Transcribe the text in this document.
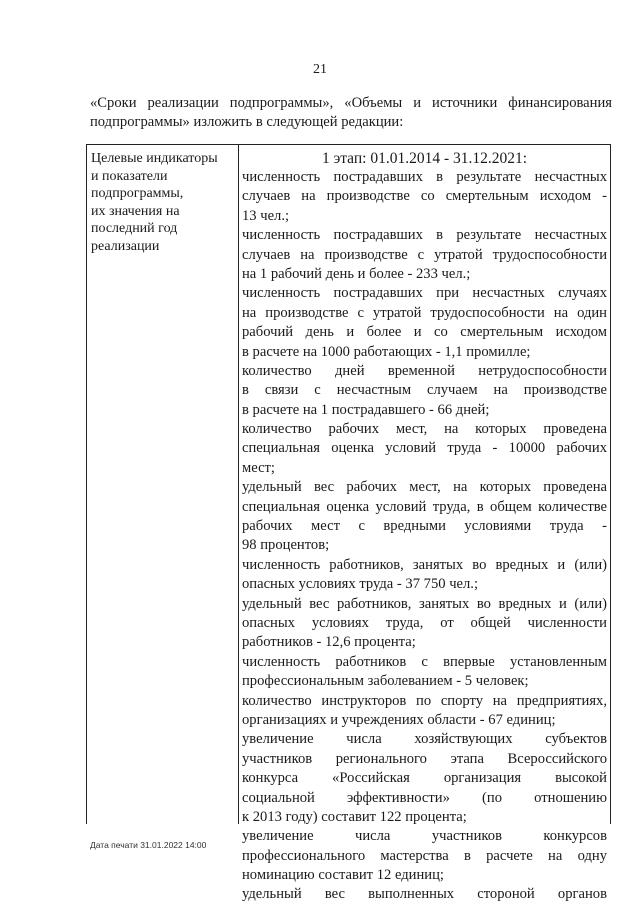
21
«Сроки реализации подпрограммы», «Объемы и источники финансирования подпрограммы» изложить в следующей редакции:
Целевые индикаторы
и показатели
подпрограммы,
их значения на
последний год
реализации
1 этап: 01.01.2014 - 31.12.2021:
численность пострадавших в результате несчастных
случаев на производстве со смертельным исходом -
13 чел.;
численность пострадавших в результате несчастных
случаев на производстве с утратой трудоспособности
на 1 рабочий день и более - 233 чел.;
численность пострадавших при несчастных случаях
на производстве с утратой трудоспособности на один
рабочий день и более и со смертельным исходом
в расчете на 1000 работающих - 1,1 промилле;
количество дней временной нетрудоспособности
в связи с несчастным случаем на производстве
в расчете на 1 пострадавшего - 66 дней;
количество рабочих мест, на которых проведена
специальная оценка условий труда - 10000 рабочих
мест;
удельный вес рабочих мест, на которых проведена
специальная оценка условий труда, в общем количестве
рабочих мест с вредными условиями труда -
98 процентов;
численность работников, занятых во вредных и (или)
опасных условиях труда - 37 750 чел.;
удельный вес работников, занятых во вредных и (или)
опасных условиях труда, от общей численности
работников - 12,6 процента;
численность работников с впервые установленным
профессиональным заболеванием - 5 человек;
количество инструкторов по спорту на предприятиях,
организациях и учреждениях области - 67 единиц;
увеличение числа хозяйствующих субъектов
участников регионального этапа Всероссийского
конкурса «Российская организация высокой
социальной эффективности» (по отношению
к 2013 году) составит 122 процента;
увеличение числа участников конкурсов
профессионального мастерства в расчете на одну
номинацию составит 12 единиц;
удельный вес выполненных стороной органов
Дата печати 31.01.2022 14:00
